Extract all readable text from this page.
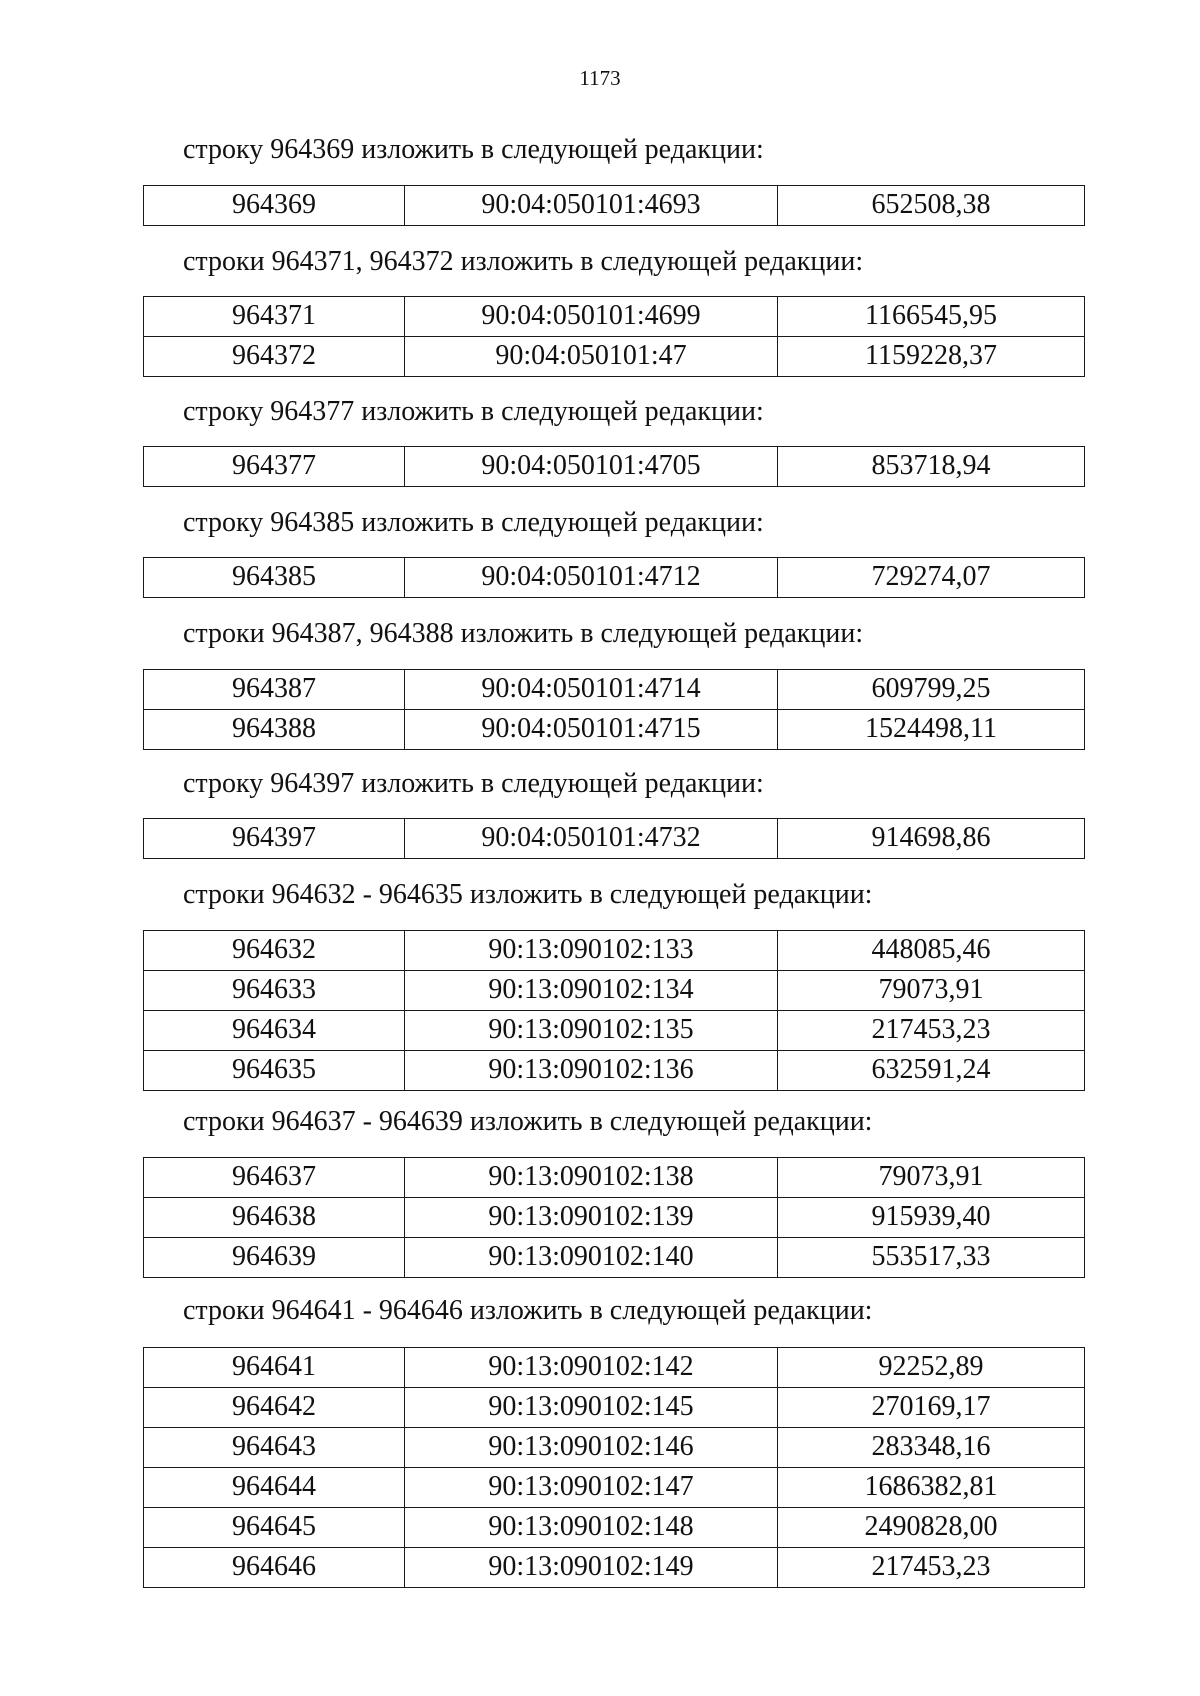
1173
строку 964369 изложить в следующей редакции:
964369	90:04:050101:4693	652508,38
строки 964371, 964372 изложить в следующей редакции:
964371	90:04:050101:4699	1166545,95
964372	90:04:050101:47	1159228,37
строку 964377 изложить в следующей редакции:
964377	90:04:050101:4705	853718,94
строку 964385 изложить в следующей редакции:
964385	90:04:050101:4712	729274,07
строки 964387, 964388 изложить в следующей редакции:
964387	90:04:050101:4714	609799,25
964388	90:04:050101:4715	1524498,11
строку 964397 изложить в следующей редакции:
964397	90:04:050101:4732	914698,86
строки 964632 - 964635 изложить в следующей редакции:
964632	90:13:090102:133	448085,46
964633	90:13:090102:134	79073,91
964634	90:13:090102:135	217453,23
964635	90:13:090102:136	632591,24
строки 964637 - 964639 изложить в следующей редакции:
964637	90:13:090102:138	79073,91
964638	90:13:090102:139	915939,40
964639	90:13:090102:140	553517,33
строки 964641 - 964646 изложить в следующей редакции:
964641	90:13:090102:142	92252,89
964642	90:13:090102:145	270169,17
964643	90:13:090102:146	283348,16
964644	90:13:090102:147	1686382,81
964645	90:13:090102:148	2490828,00
964646	90:13:090102:149	217453,23
